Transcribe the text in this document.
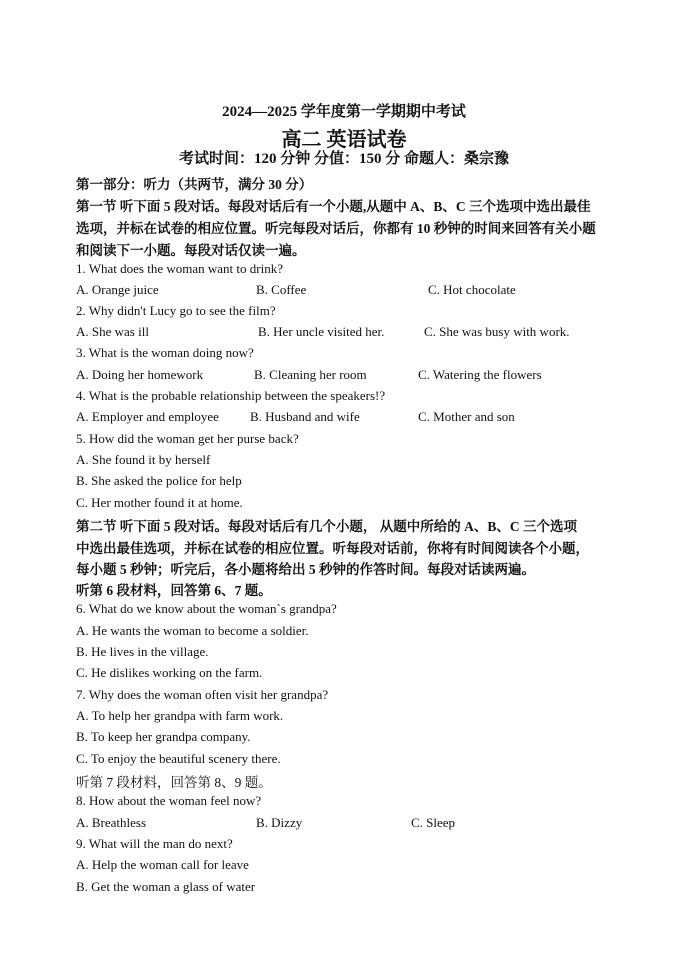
2024—2025 学年度第一学期期中考试
高二 英语试卷
考试时间：120 分钟 分值：150 分 命题人：桑宗豫
第一部分：听力（共两节，满分 30 分）
第一节 听下面 5 段对话。每段对话后有一个小题,从题中 A、B、C 三个选项中选出最佳
选项，并标在试卷的相应位置。听完每段对话后，你都有 10 秒钟的时间来回答有关小题
和阅读下一小题。每段对话仅读一遍。
1. What does the woman want to drink?
A. Orange juice	B. Coffee	C. Hot chocolate
2. Why didn't Lucy go to see the film?
A. She was ill	B. Her uncle visited her.	C. She was busy with work.
3. What is the woman doing now?
A. Doing her homework	B. Cleaning her room	C. Watering the flowers
4. What is the probable relationship between the speakers!?
A. Employer and employee B. Husband and wife	C. Mother and son
5. How did the woman get her purse back?
A. She found it by herself
B. She asked the police for help
C. Her mother found it at home.
第二节 听下面 5 段对话。每段对话后有几个小题， 从题中所给的 A、B、C 三个选项
中选出最佳选项，并标在试卷的相应位置。听每段对话前，你将有时间阅读各个小题，
每小题 5 秒钟；听完后，各小题将给出 5 秒钟的作答时间。每段对话读两遍。
听第 6 段材料，回答第 6、7 题。
6. What do we know about the woman`s grandpa?
A. He wants the woman to become a soldier.
B. He lives in the village.
C. He dislikes working on the farm.
7. Why does the woman often visit her grandpa?
A. To help her grandpa with farm work.
B. To keep her grandpa company.
C. To enjoy the beautiful scenery there.
听第 7 段材料，回答第 8、9 题。
8. How about the woman feel now?
A. Breathless	B. Dizzy	C. Sleep
9. What will the man do next?
A. Help the woman call for leave
B. Get the woman a glass of water
